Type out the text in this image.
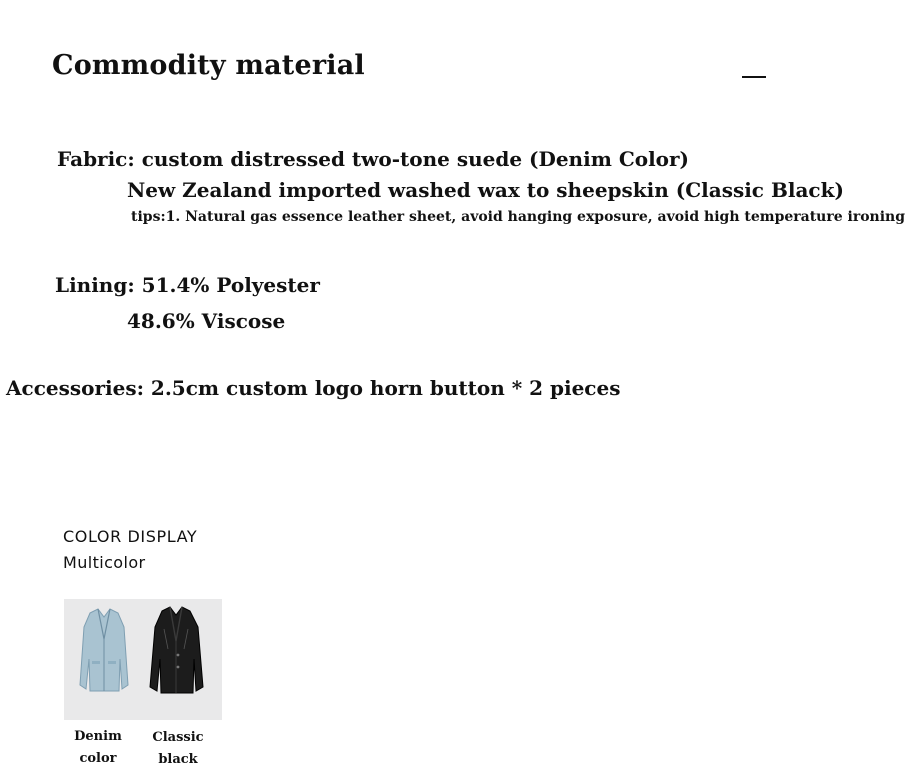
Commodity material
Fabric: custom distressed two-tone suede (Denim Color)
New Zealand imported washed wax to sheepskin (Classic Black)
tips:1. Natural gas essence leather sheet, avoid hanging exposure, avoid high temperature ironing
Lining: 51.4% Polyester
48.6% Viscose
Accessories: 2.5cm custom logo horn button * 2 pieces
COLOR DISPLAY
Multicolor
Denim color
Classic black
